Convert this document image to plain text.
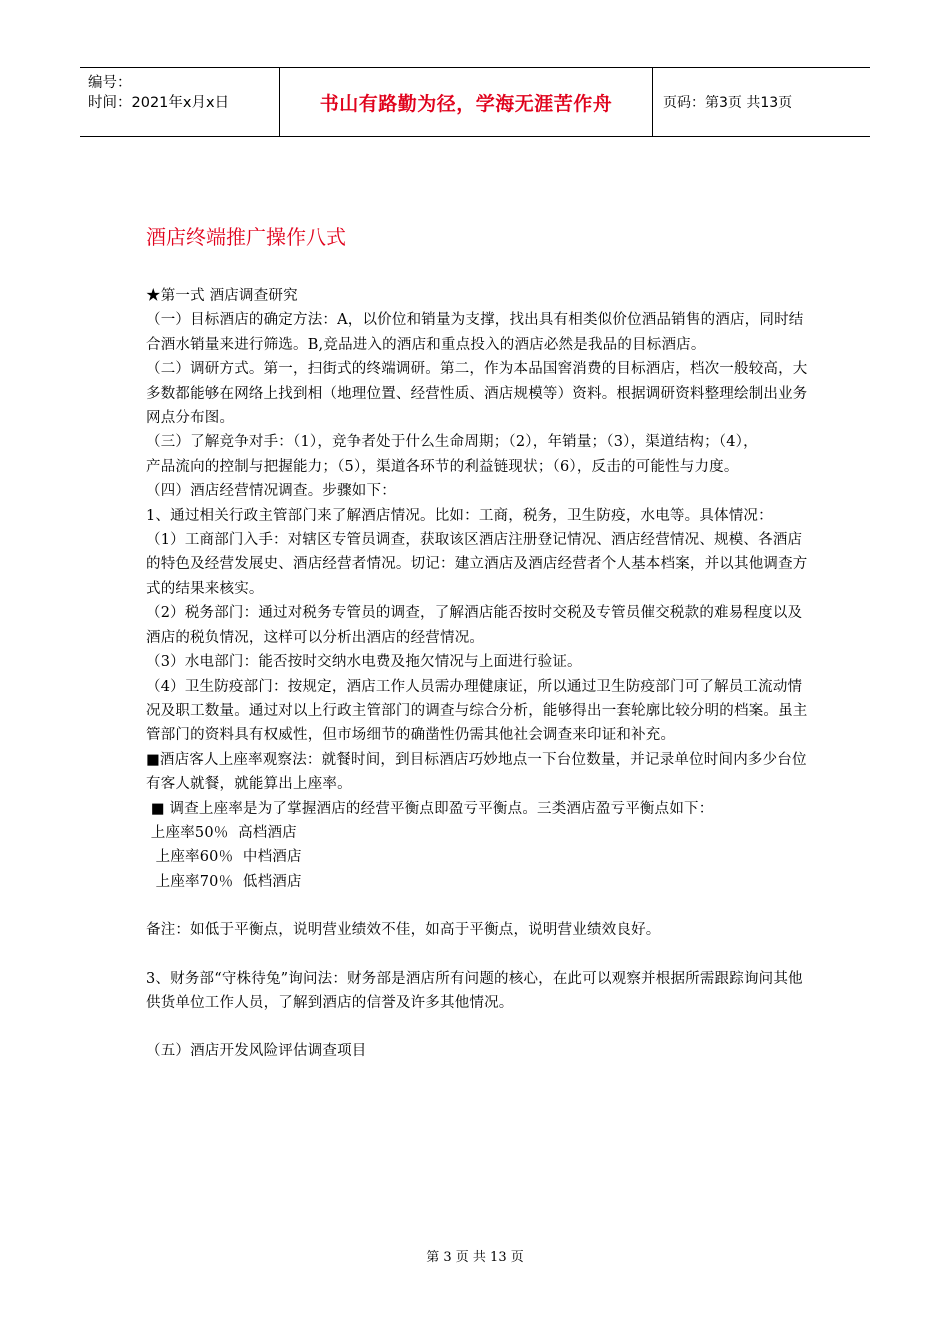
编号：
时间：2021年x月x日	书山有路勤为径，学海无涯苦作舟	页码：第3页 共13页
酒店终端推广操作八式

★第一式 酒店调查研究

（一）目标酒店的确定方法：A，以价位和销量为支撑，找出具有相类似价位酒品销售的酒店，同时结合酒水销量来进行筛选。B,竞品进入的酒店和重点投入的酒店必然是我品的目标酒店。

（二）调研方式。第一，扫街式的终端调研。第二，作为本品国窖消费的目标酒店，档次一般较高，大多数都能够在网络上找到相（地理位置、经营性质、酒店规模等）资料。根据调研资料整理绘制出业务网点分布图。

（三）了解竞争对手：（1），竞争者处于什么生命周期；（2），年销量；（3），渠道结构；（4），

产品流向的控制与把握能力；（5），渠道各环节的利益链现状；（6），反击的可能性与力度。

（四）酒店经营情况调查。步骤如下：

1、通过相关行政主管部门来了解酒店情况。比如：工商，税务，卫生防疫，水电等。具体情况：

（1）工商部门入手：对辖区专管员调查，获取该区酒店注册登记情况、酒店经营情况、规模、各酒店的特色及经营发展史、酒店经营者情况。切记：建立酒店及酒店经营者个人基本档案，并以其他调查方式的结果来核实。

（2）税务部门：通过对税务专管员的调查，了解酒店能否按时交税及专管员催交税款的难易程度以及酒店的税负情况，这样可以分析出酒店的经营情况。

（3）水电部门：能否按时交纳水电费及拖欠情况与上面进行验证。

（4）卫生防疫部门：按规定，酒店工作人员需办理健康证，所以通过卫生防疫部门可了解员工流动情况及职工数量。通过对以上行政主管部门的调查与综合分析，能够得出一套轮廓比较分明的档案。虽主管部门的资料具有权威性，但市场细节的确凿性仍需其他社会调查来印证和补充。

■酒店客人上座率观察法：就餐时间，到目标酒店巧妙地点一下台位数量，并记录单位时间内多少台位有客人就餐，就能算出上座率。

■ 调查上座率是为了掌握酒店的经营平衡点即盈亏平衡点。三类酒店盈亏平衡点如下：

上座率50％  高档酒店

上座率60％  中档酒店

上座率70％  低档酒店

备注：如低于平衡点，说明营业绩效不佳，如高于平衡点，说明营业绩效良好。

3、财务部“守株待兔”询问法：财务部是酒店所有问题的核心，在此可以观察并根据所需跟踪询问其他供货单位工作人员，了解到酒店的信誉及许多其他情况。

（五）酒店开发风险评估调查项目

第 3 页 共 13 页
